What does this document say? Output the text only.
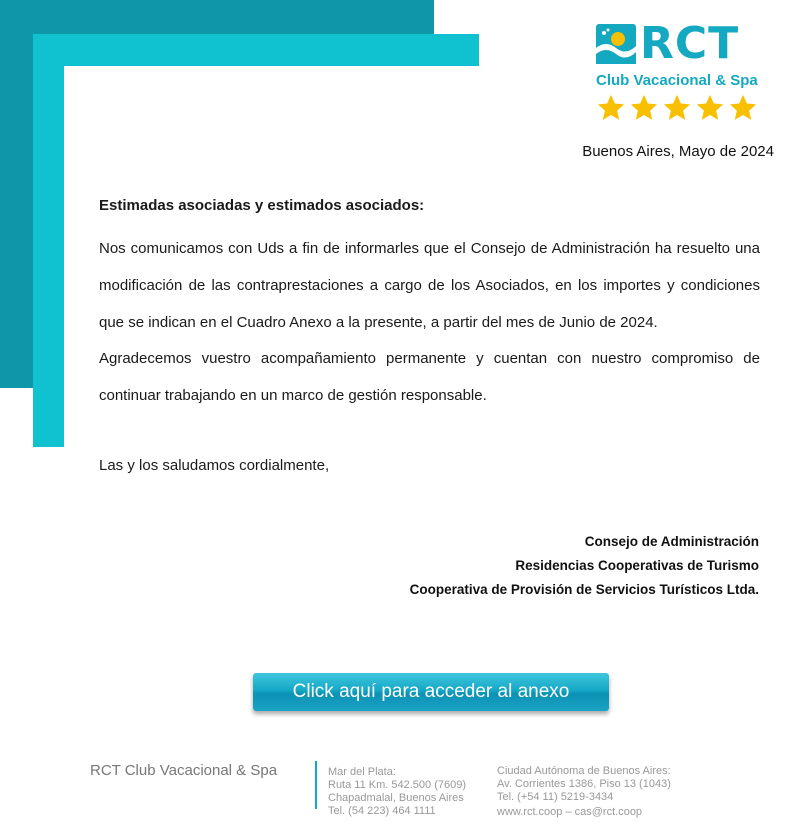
RCT
Club Vacacional & Spa
Buenos Aires, Mayo de 2024
Estimadas asociadas y estimados asociados:
Nos comunicamos con Uds a fin de informarles que el Consejo de Administración ha resuelto una modificación de las contraprestaciones a cargo de los Asociados, en los importes y condiciones que se indican en el Cuadro Anexo a la presente, a partir del mes de Junio de 2024.
Agradecemos vuestro acompañamiento permanente y cuentan con nuestro compromiso de continuar trabajando en un marco de gestión responsable.
Las y los saludamos cordialmente,
Consejo de Administración
Residencias Cooperativas de Turismo
Cooperativa de Provisión de Servicios Turísticos Ltda.
Click aquí para acceder al anexo
RCT Club Vacacional & Spa	Mar del Plata:
Ruta 11 Km. 542.500 (7609)
Chapadmalal, Buenos Aires
Tel. (54 223) 464 1111
Ciudad Autónoma de Buenos Aires:
Av. Corrientes 1386, Piso 13 (1043)
Tel. (+54 11) 5219-3434
www.rct.coop – cas@rct.coop
